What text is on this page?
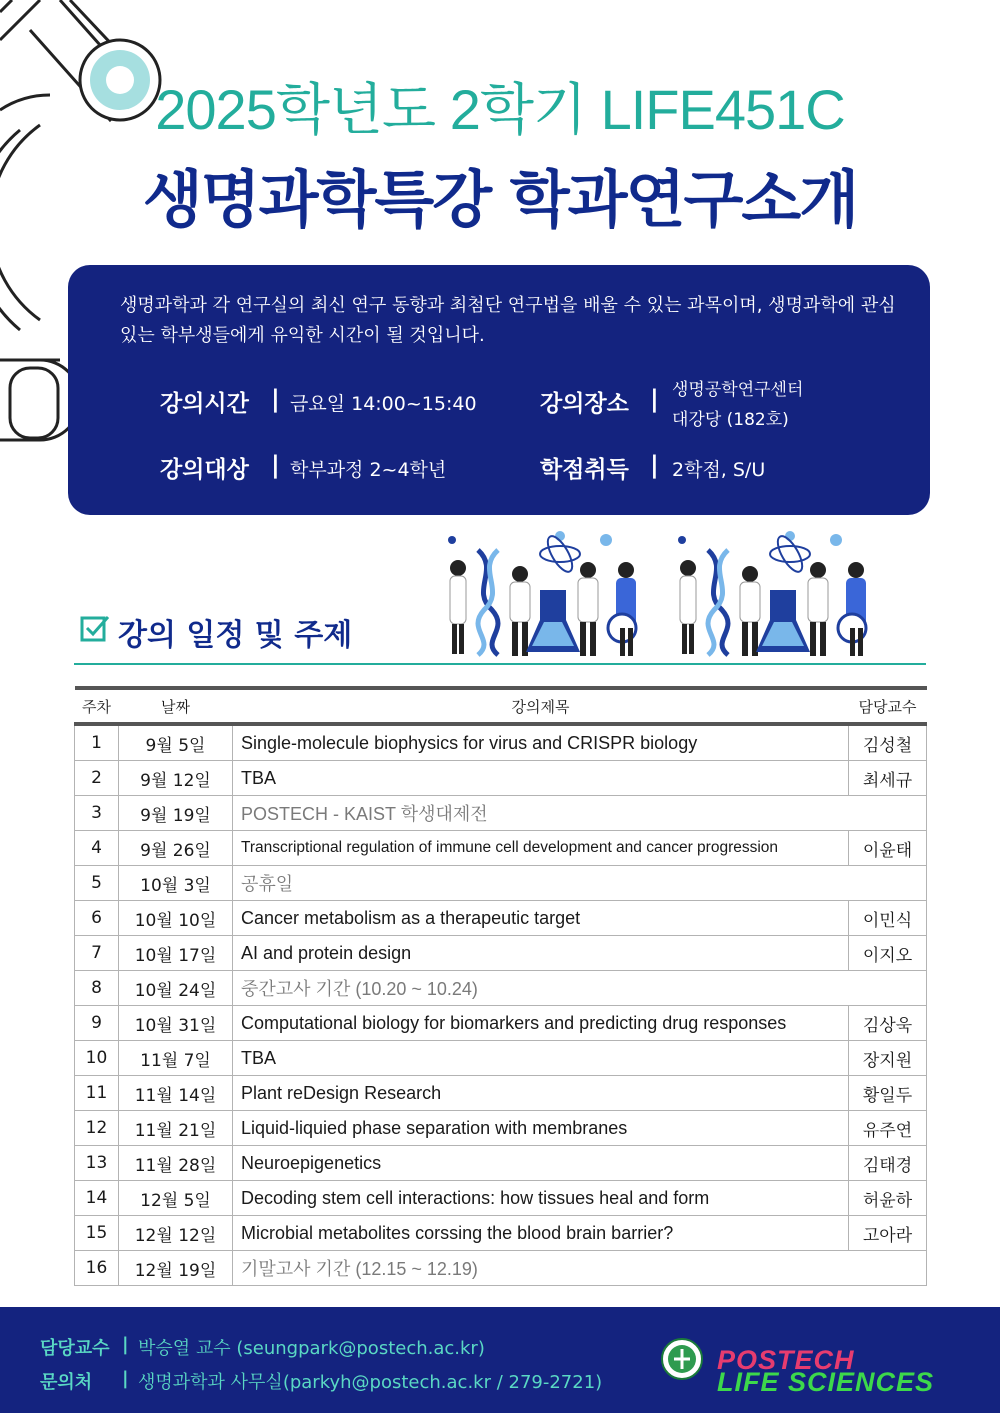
2025학년도 2학기 LIFE451C
생명과학특강 학과연구소개
생명과학과 각 연구실의 최신 연구 동향과 최첨단 연구법을 배울 수 있는 과목이며, 생명과학에 관심있는 학부생들에게 유익한 시간이 될 것입니다.
강의시간 | 금요일 14:00~15:40	강의장소 | 생명공학연구센터
대강당 (182호)
강의대상 | 학부과정 2~4학년	학점취득 | 2학점, S/U
강의 일정 및 주제
주차	날짜	강의제목	담당교수
1	9월 5일	Single-molecule biophysics for virus and CRISPR biology	김성철
2	9월 12일	TBA	최세규
3	9월 19일	POSTECH - KAIST 학생대제전	
4	9월 26일	Transcriptional regulation of immune cell development and cancer progression	이윤태
5	10월 3일	공휴일	
6	10월 10일	Cancer metabolism as a therapeutic target	이민식
7	10월 17일	AI and protein design	이지오
8	10월 24일	중간고사 기간 (10.20 ~ 10.24)	
9	10월 31일	Computational biology for biomarkers and predicting drug responses	김상욱
10	11월 7일	TBA	장지원
11	11월 14일	Plant reDesign Research	황일두
12	11월 21일	Liquid-liquied phase separation with membranes	유주연
13	11월 28일	Neuroepigenetics	김태경
14	12월 5일	Decoding stem cell interactions: how tissues heal and form	허윤하
15	12월 12일	Microbial metabolites corssing the blood brain barrier?	고아라
16	12월 19일	기말고사 기간 (12.15 ~ 12.19)	
담당교수 | 박승열 교수 (seungpark@postech.ac.kr)
문의처 | 생명과학과 사무실(parkyh@postech.ac.kr / 279-2721)
POSTECH
LIFE SCIENCES
